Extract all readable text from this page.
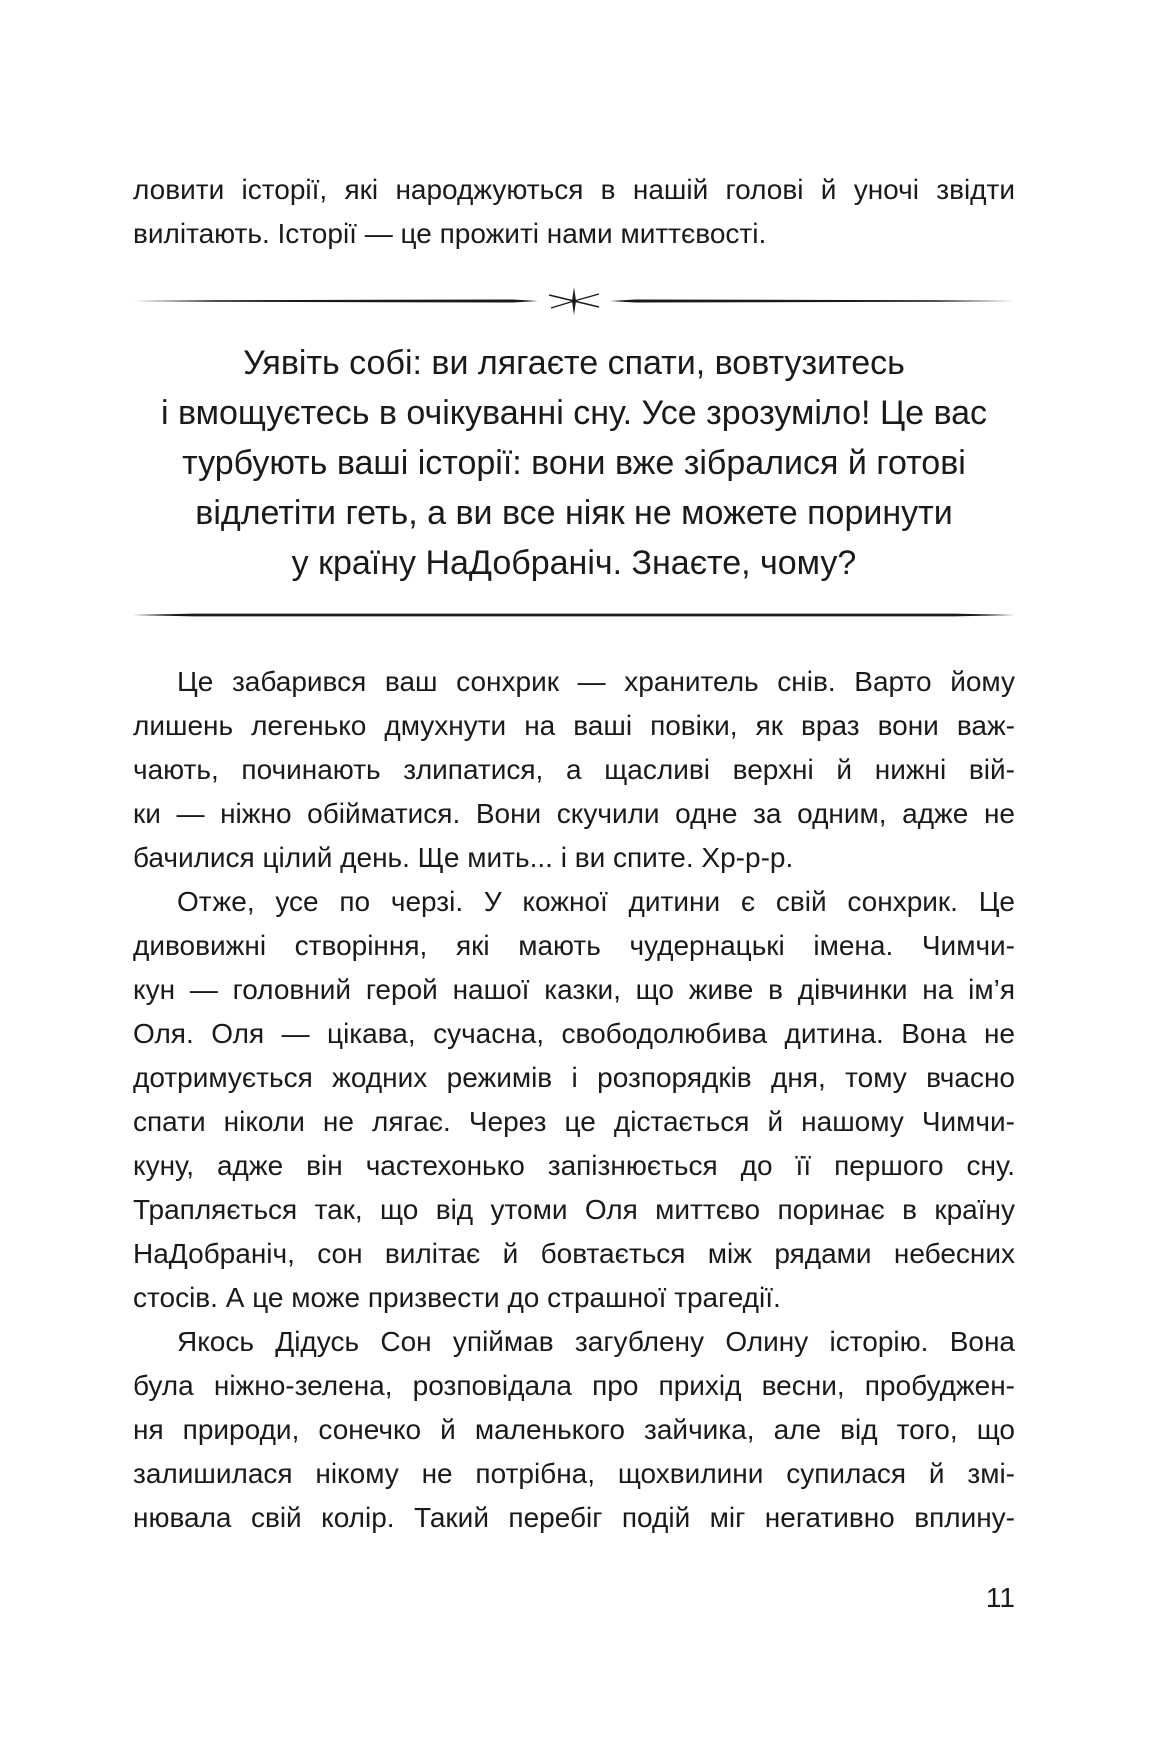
ловити історії, які народжуються в нашій голові й уночі звідти
вилітають. Історії — це прожиті нами миттєвості.
Уявіть собі: ви лягаєте спати, вовтузитесь
і вмощуєтесь в очікуванні сну. Усе зрозуміло! Це вас
турбують ваші історії: вони вже зібралися й готові
відлетіти геть, а ви все ніяк не можете поринути
у країну НаДобраніч. Знаєте, чому?
Це забарився ваш сонхрик — хранитель снів. Варто йому
лишень легенько дмухнути на ваші повіки, як враз вони важ-
чають, починають злипатися, а щасливі верхні й нижні вій-
ки — ніжно обійматися. Вони скучили одне за одним, адже не
бачилися цілий день. Ще мить... і ви спите. Хр-р-р.
Отже, усе по черзі. У кожної дитини є свій сонхрик. Це
дивовижні створіння, які мають чудернацькі імена. Чимчи-
кун — головний герой нашої казки, що живе в дівчинки на ім’я
Оля. Оля — цікава, сучасна, свободолюбива дитина. Вона не
дотримується жодних режимів і розпорядків дня, тому вчасно
спати ніколи не лягає. Через це дістається й нашому Чимчи-
куну, адже він частехонько запізнюється до її першого сну.
Трапляється так, що від утоми Оля миттєво поринає в країну
НаДобраніч, сон вилітає й бовтається між рядами небесних
стосів. А це може призвести до страшної трагедії.
Якось Дідусь Сон упіймав загублену Олину історію. Вона
була ніжно-зелена, розповідала про прихід весни, пробуджен-
ня природи, сонечко й маленького зайчика, але від того, що
залишилася нікому не потрібна, щохвилини супилася й змі-
нювала свій колір. Такий перебіг подій міг негативно вплину-
11
